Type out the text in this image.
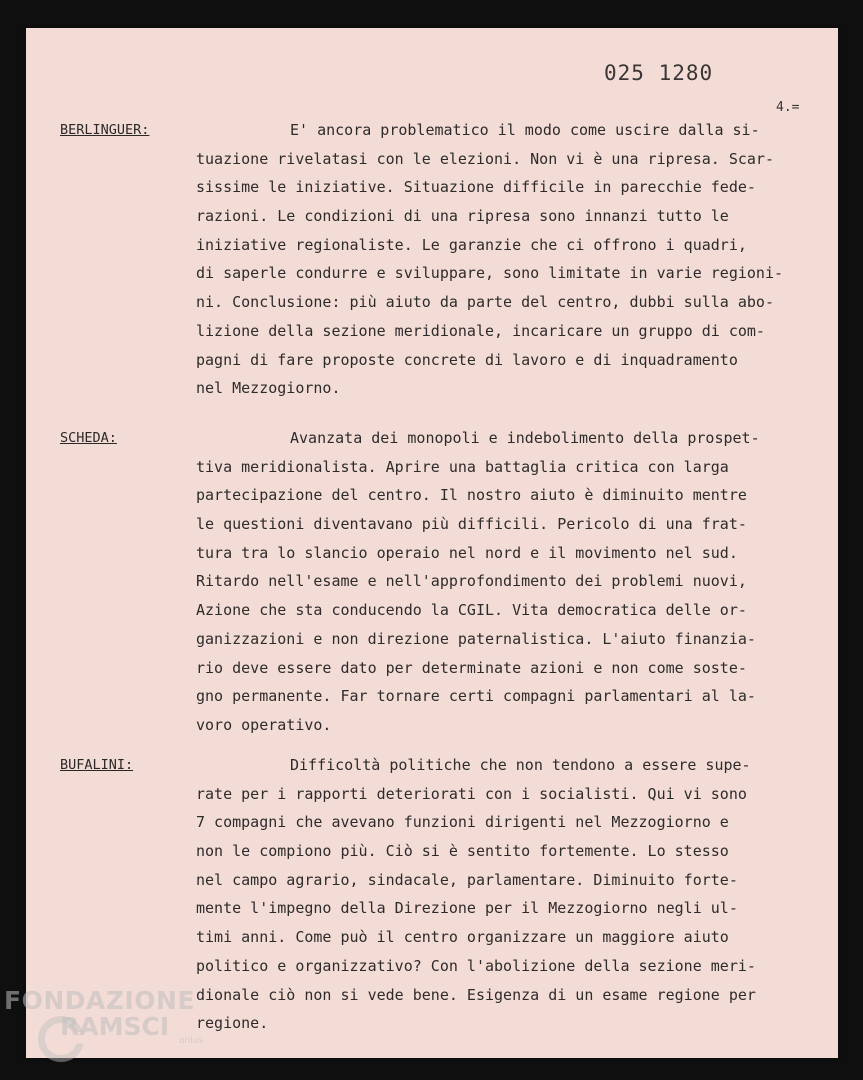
025 1280
4.=
BERLINGUER:	E' ancora problematico il modo come uscire dalla si-
tuazione rivelatasi con le elezioni. Non vi è una ripresa. Scar-
sissime le iniziative. Situazione difficile in parecchie fede-
razioni. Le condizioni di una ripresa sono innanzi tutto le
iniziative regionaliste. Le garanzie che ci offrono i quadri,
di saperle condurre e sviluppare, sono limitate in varie regioni-
ni. Conclusione: più aiuto da parte del centro, dubbi sulla abo-
lizione della sezione meridionale, incaricare un gruppo di com-
pagni di fare proposte concrete di lavoro e di inquadramento
nel Mezzogiorno.
SCHEDA:	Avanzata dei monopoli e indebolimento della prospet-
tiva meridionalista. Aprire una battaglia critica con larga
partecipazione del centro. Il nostro aiuto è diminuito mentre
le questioni diventavano più difficili. Pericolo di una frat-
tura tra lo slancio operaio nel nord e il movimento nel sud.
Ritardo nell'esame e nell'approfondimento dei problemi nuovi,
Azione che sta conducendo la CGIL. Vita democratica delle or-
ganizzazioni e non direzione paternalistica. L'aiuto finanzia-
rio deve essere dato per determinate azioni e non come soste-
gno permanente. Far tornare certi compagni parlamentari al la-
voro operativo.
BUFALINI:	Difficoltà politiche che non tendono a essere supe-
rate per i rapporti deteriorati con i socialisti. Qui vi sono
7 compagni che avevano funzioni dirigenti nel Mezzogiorno e
non le compiono più. Ciò si è sentito fortemente. Lo stesso
nel campo agrario, sindacale, parlamentare. Diminuito forte-
mente l'impegno della Direzione per il Mezzogiorno negli ul-
timi anni. Come può il centro organizzare un maggiore aiuto
politico e organizzativo? Con l'abolizione della sezione meri-
dionale ciò non si vede bene. Esigenza di un esame regione per
regione.
FONDAZIONE
RAMSCI	onlus
